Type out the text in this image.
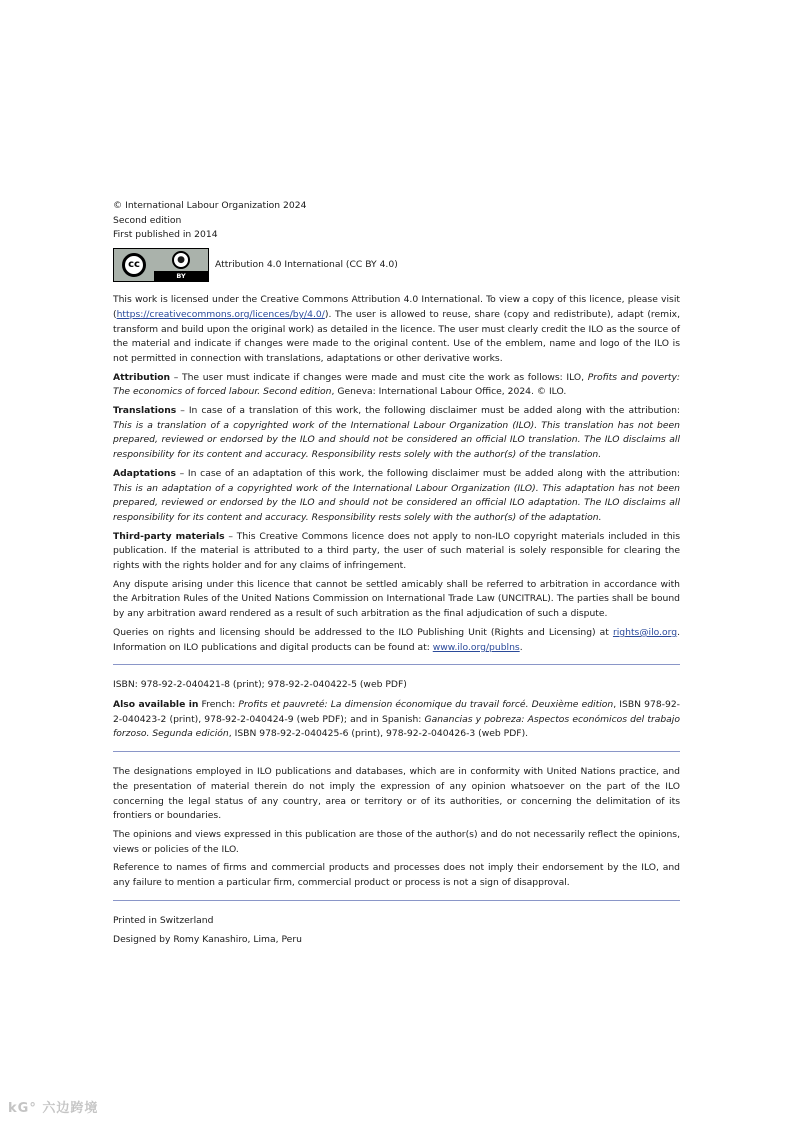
© International Labour Organization 2024
Second edition
First published in 2014
cc	●
BY
Attribution 4.0 International (CC BY 4.0)

This work is licensed under the Creative Commons Attribution 4.0 International. To view a copy of this licence, please visit (https://creativecommons.org/licences/by/4.0/). The user is allowed to reuse, share (copy and redistribute), adapt (remix, transform and build upon the original work) as detailed in the licence. The user must clearly credit the ILO as the source of the material and indicate if changes were made to the original content. Use of the emblem, name and logo of the ILO is not permitted in connection with translations, adaptations or other derivative works.

Attribution – The user must indicate if changes were made and must cite the work as follows: ILO, Profits and poverty: The economics of forced labour. Second edition, Geneva: International Labour Office, 2024. © ILO.

Translations – In case of a translation of this work, the following disclaimer must be added along with the attribution: This is a translation of a copyrighted work of the International Labour Organization (ILO). This translation has not been prepared, reviewed or endorsed by the ILO and should not be considered an official ILO translation. The ILO disclaims all responsibility for its content and accuracy. Responsibility rests solely with the author(s) of the translation.

Adaptations – In case of an adaptation of this work, the following disclaimer must be added along with the attribution: This is an adaptation of a copyrighted work of the International Labour Organization (ILO). This adaptation has not been prepared, reviewed or endorsed by the ILO and should not be considered an official ILO adaptation. The ILO disclaims all responsibility for its content and accuracy. Responsibility rests solely with the author(s) of the adaptation.

Third-party materials – This Creative Commons licence does not apply to non-ILO copyright materials included in this publication. If the material is attributed to a third party, the user of such material is solely responsible for clearing the rights with the rights holder and for any claims of infringement.

Any dispute arising under this licence that cannot be settled amicably shall be referred to arbitration in accordance with the Arbitration Rules of the United Nations Commission on International Trade Law (UNCITRAL). The parties shall be bound by any arbitration award rendered as a result of such arbitration as the final adjudication of such a dispute.

Queries on rights and licensing should be addressed to the ILO Publishing Unit (Rights and Licensing) at rights@ilo.org. Information on ILO publications and digital products can be found at: www.ilo.org/publns.

ISBN: 978-92-2-040421-8 (print); 978-92-2-040422-5 (web PDF)

Also available in French: Profits et pauvreté: La dimension économique du travail forcé. Deuxième edition, ISBN 978-92-2-040423-2 (print), 978-92-2-040424-9 (web PDF); and in Spanish: Ganancias y pobreza: Aspectos económicos del trabajo forzoso. Segunda edición, ISBN 978-92-2-040425-6 (print), 978-92-2-040426-3 (web PDF).

The designations employed in ILO publications and databases, which are in conformity with United Nations practice, and the presentation of material therein do not imply the expression of any opinion whatsoever on the part of the ILO concerning the legal status of any country, area or territory or of its authorities, or concerning the delimitation of its frontiers or boundaries.

The opinions and views expressed in this publication are those of the author(s) and do not necessarily reflect the opinions, views or policies of the ILO.

Reference to names of firms and commercial products and processes does not imply their endorsement by the ILO, and any failure to mention a particular firm, commercial product or process is not a sign of disapproval.

Printed in Switzerland

Designed by Romy Kanashiro, Lima, Peru

kG° 六边跨境
